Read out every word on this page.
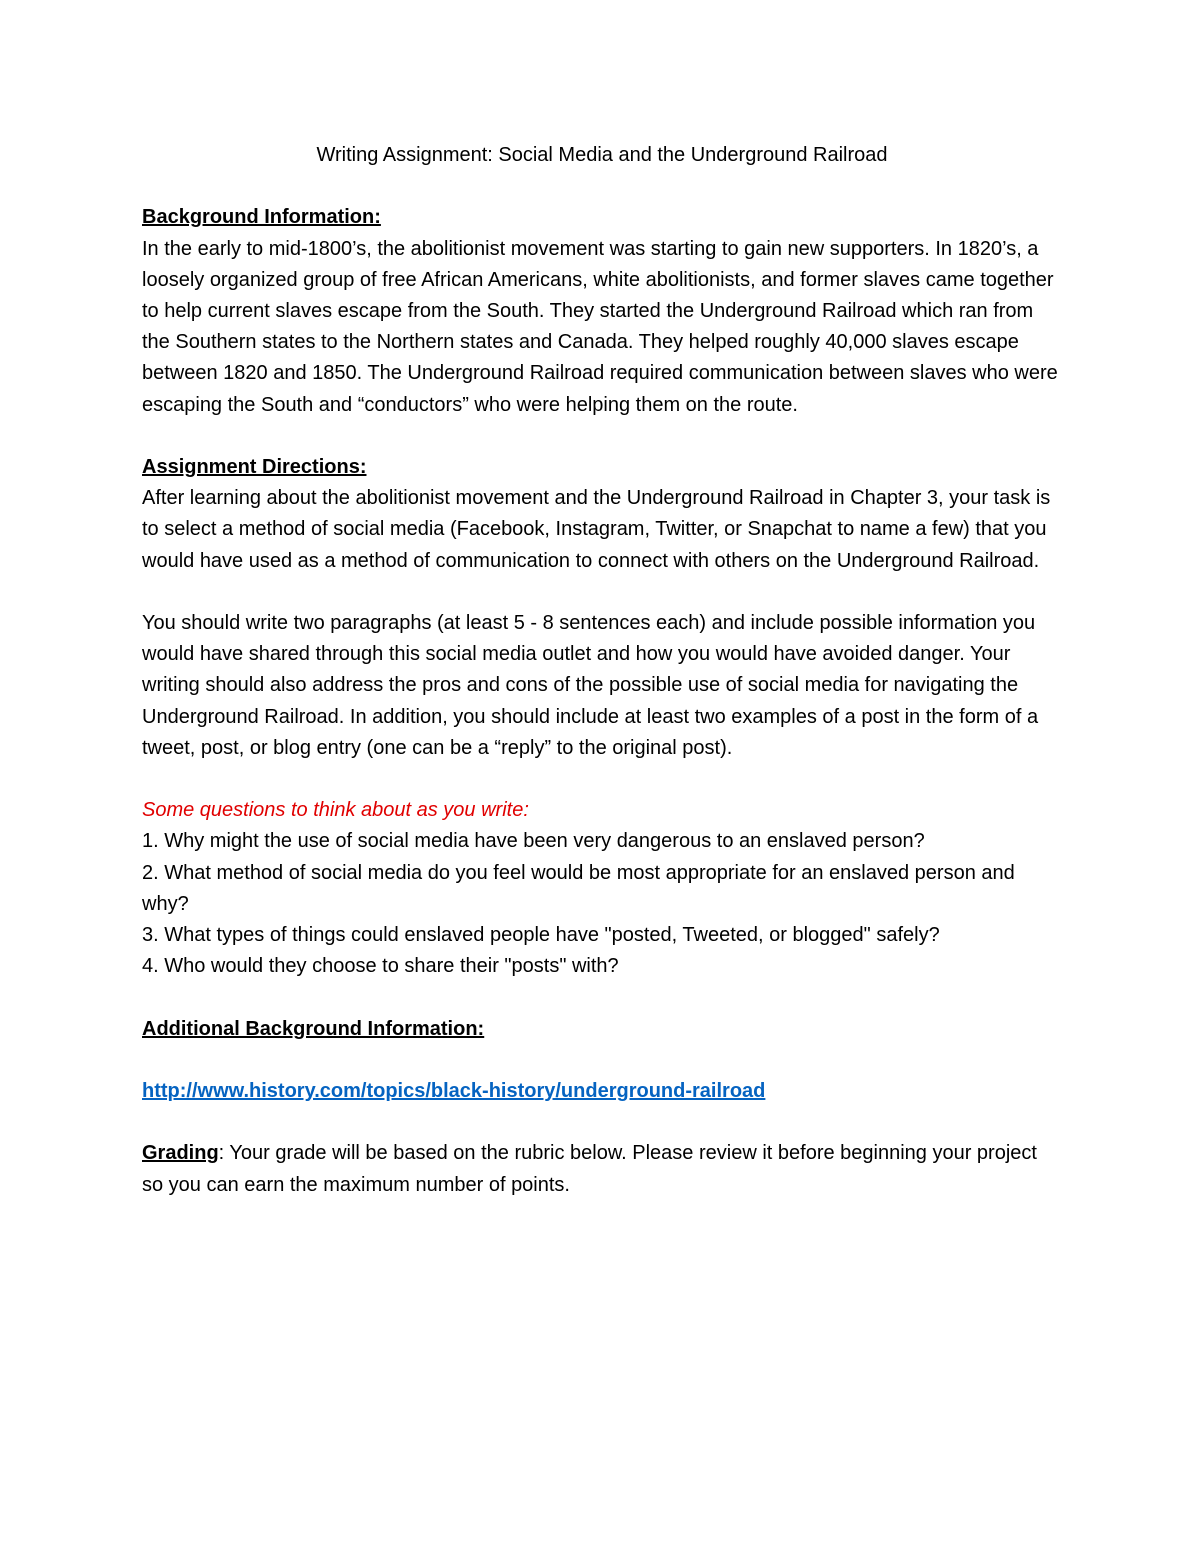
Writing Assignment: Social Media and the Underground Railroad
Background Information:

In the early to mid-1800’s, the abolitionist movement was starting to gain new supporters. In 1820’s, a loosely organized group of free African Americans, white abolitionists, and former slaves came together to help current slaves escape from the South. They started the Underground Railroad which ran from the Southern states to the Northern states and Canada. They helped roughly 40,000 slaves escape between 1820 and 1850. The Underground Railroad required communication between slaves who were escaping the South and “conductors” who were helping them on the route.

Assignment Directions:

After learning about the abolitionist movement and the Underground Railroad in Chapter 3, your task is to select a method of social media (Facebook, Instagram, Twitter, or Snapchat to name a few) that you would have used as a method of communication to connect with others on the Underground Railroad.

You should write two paragraphs (at least 5 - 8 sentences each) and include possible information you would have shared through this social media outlet and how you would have avoided danger. Your writing should also address the pros and cons of the possible use of social media for navigating the Underground Railroad. In addition, you should include at least two examples of a post in the form of a tweet, post, or blog entry (one can be a “reply” to the original post).

Some questions to think about as you write:

1. Why might the use of social media have been very dangerous to an enslaved person?
2. What method of social media do you feel would be most appropriate for an enslaved person and why?
3. What types of things could enslaved people have "posted, Tweeted, or blogged" safely?
4. Who would they choose to share their "posts" with?
Additional Background Information:

http://www.history.com/topics/black-history/underground-railroad

Grading: Your grade will be based on the rubric below. Please review it before beginning your project so you can earn the maximum number of points.
